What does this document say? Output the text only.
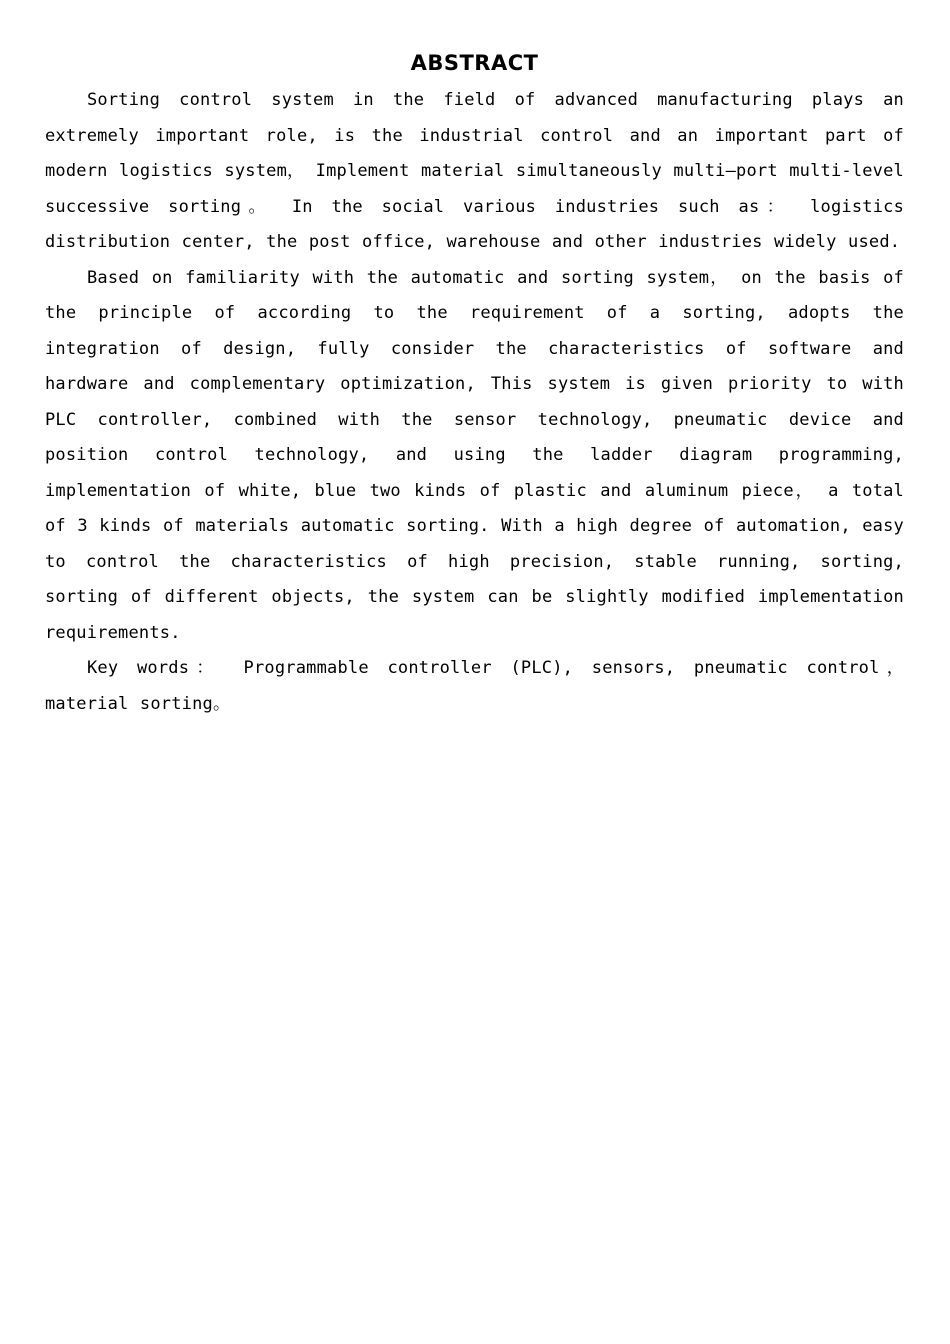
ABSTRACT

Sorting control system in the field of advanced manufacturing plays an extremely important role, is the industrial control and an important part of modern logistics system， Implement material simultaneously multi—port multi-level successive sorting。 In the social various industries such as： logistics distribution center, the post office, warehouse and other industries widely used.

Based on familiarity with the automatic and sorting system， on the basis of the principle of according to the requirement of a sorting, adopts the integration of design, fully consider the characteristics of software and hardware and complementary optimization, This system is given priority to with PLC controller, combined with the sensor technology, pneumatic device and position control technology, and using the ladder diagram programming, implementation of white, blue two kinds of plastic and aluminum piece， a total of 3 kinds of materials automatic sorting. With a high degree of automation, easy to control the characteristics of high precision, stable running, sorting, sorting of different objects, the system can be slightly modified implementation requirements.

Key words： Programmable controller (PLC), sensors, pneumatic control， material sorting。
